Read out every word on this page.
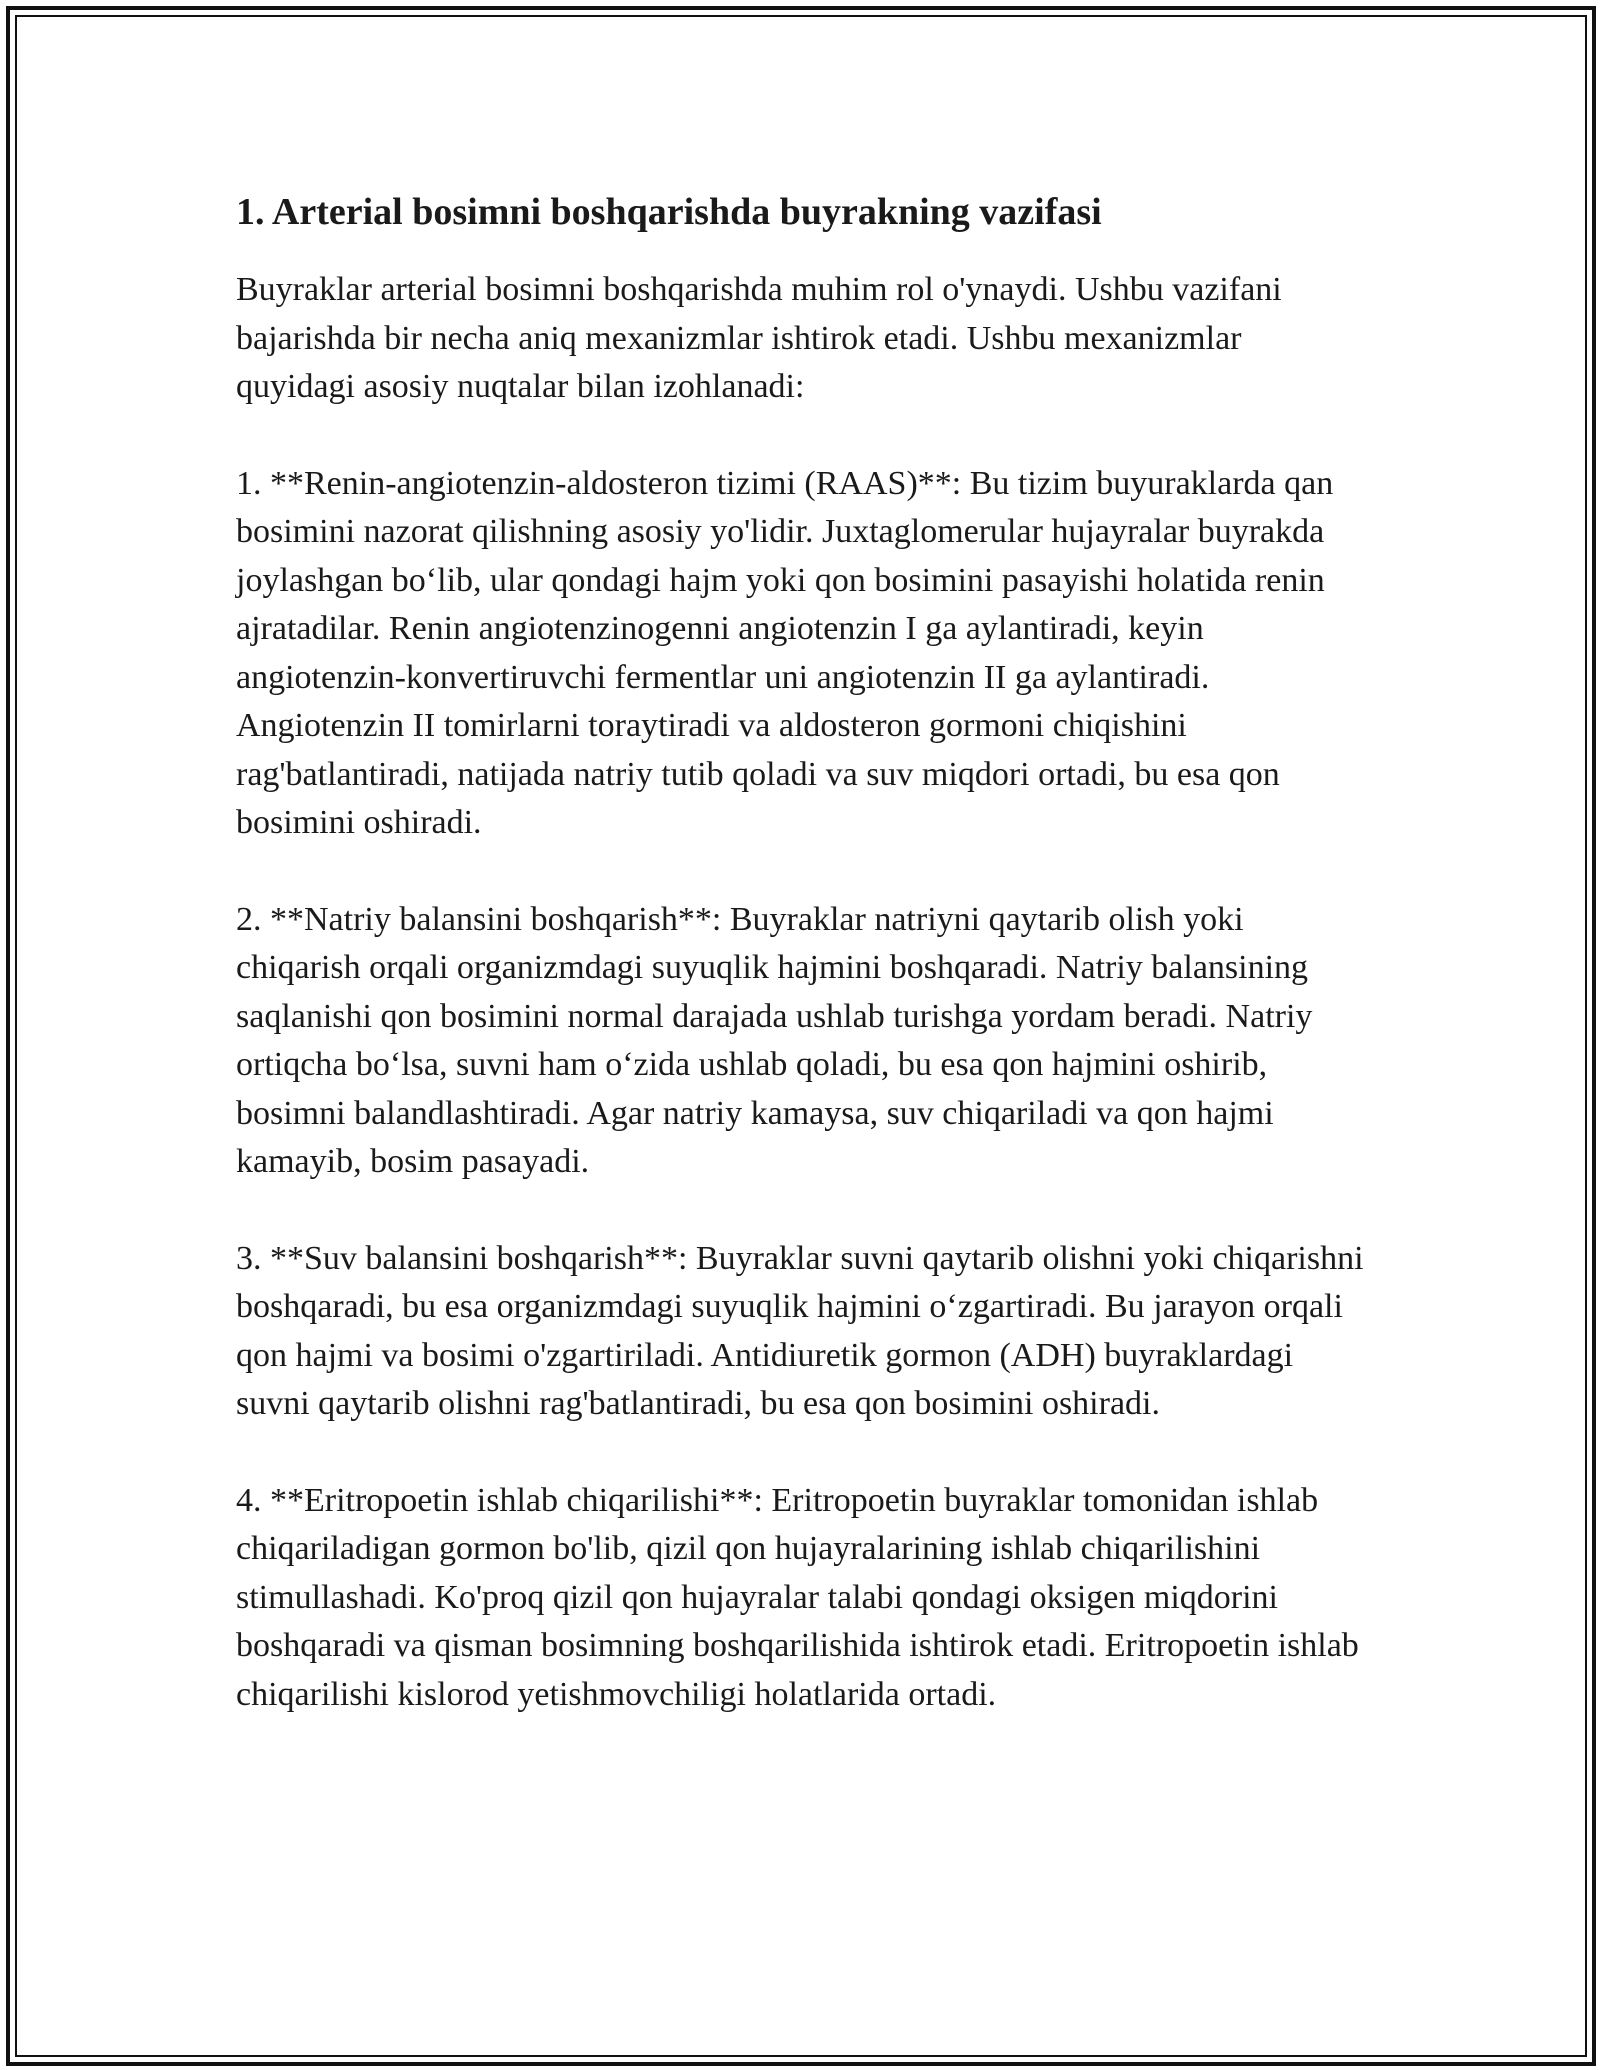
1. Arterial bosimni boshqarishda buyrakning vazifasi

Buyraklar arterial bosimni boshqarishda muhim rol o'ynaydi. Ushbu vazifani bajarishda bir necha aniq mexanizmlar ishtirok etadi. Ushbu mexanizmlar quyidagi asosiy nuqtalar bilan izohlanadi:

1. **Renin-angiotenzin-aldosteron tizimi (RAAS)**: Bu tizim buyuraklarda qan bosimini nazorat qilishning asosiy yo'lidir. Juxtaglomerular hujayralar buyrakda joylashgan bo‘lib, ular qondagi hajm yoki qon bosimini pasayishi holatida renin ajratadilar. Renin angiotenzinogenni angiotenzin I ga aylantiradi, keyin angiotenzin-konvertiruvchi fermentlar uni angiotenzin II ga aylantiradi. Angiotenzin II tomirlarni toraytiradi va aldosteron gormoni chiqishini rag'batlantiradi, natijada natriy tutib qoladi va suv miqdori ortadi, bu esa qon bosimini oshiradi.

2. **Natriy balansini boshqarish**: Buyraklar natriyni qaytarib olish yoki chiqarish orqali organizmdagi suyuqlik hajmini boshqaradi. Natriy balansining saqlanishi qon bosimini normal darajada ushlab turishga yordam beradi. Natriy ortiqcha bo‘lsa, suvni ham o‘zida ushlab qoladi, bu esa qon hajmini oshirib, bosimni balandlashtiradi. Agar natriy kamaysa, suv chiqariladi va qon hajmi kamayib, bosim pasayadi.

3. **Suv balansini boshqarish**: Buyraklar suvni qaytarib olishni yoki chiqarishni boshqaradi, bu esa organizmdagi suyuqlik hajmini o‘zgartiradi. Bu jarayon orqali qon hajmi va bosimi o'zgartiriladi. Antidiuretik gormon (ADH) buyraklardagi suvni qaytarib olishni rag'batlantiradi, bu esa qon bosimini oshiradi.

4. **Eritropoetin ishlab chiqarilishi**: Eritropoetin buyraklar tomonidan ishlab chiqariladigan gormon bo'lib, qizil qon hujayralarining ishlab chiqarilishini stimullashadi. Ko'proq qizil qon hujayralar talabi qondagi oksigen miqdorini boshqaradi va qisman bosimning boshqarilishida ishtirok etadi. Eritropoetin ishlab chiqarilishi kislorod yetishmovchiligi holatlarida ortadi.
